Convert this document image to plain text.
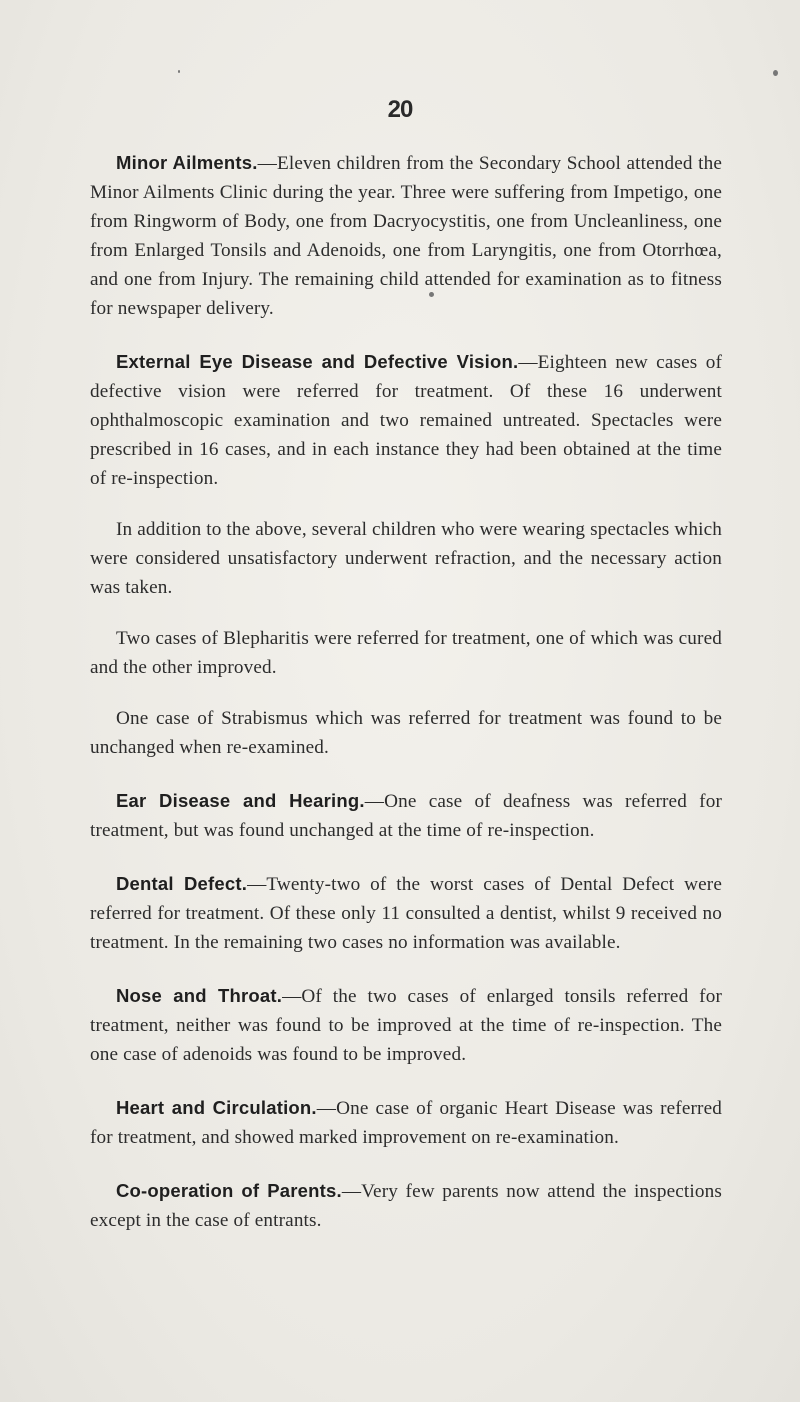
20

Minor Ailments.—Eleven children from the Secondary School attended the Minor Ailments Clinic during the year. Three were suffering from Impetigo, one from Ringworm of Body, one from Dacryocystitis, one from Uncleanliness, one from Enlarged Tonsils and Adenoids, one from Laryngitis, one from Otorrhœa, and one from Injury. The remaining child attended for examination as to fitness for newspaper delivery.

External Eye Disease and Defective Vision.—Eighteen new cases of defective vision were referred for treatment. Of these 16 underwent ophthalmoscopic examination and two remained untreated. Spectacles were prescribed in 16 cases, and in each instance they had been obtained at the time of re-inspection.

In addition to the above, several children who were wearing spectacles which were considered unsatisfactory underwent refraction, and the necessary action was taken.

Two cases of Blepharitis were referred for treatment, one of which was cured and the other improved.

One case of Strabismus which was referred for treatment was found to be unchanged when re-examined.

Ear Disease and Hearing.—One case of deafness was referred for treatment, but was found unchanged at the time of re-inspection.

Dental Defect.—Twenty-two of the worst cases of Dental Defect were referred for treatment. Of these only 11 consulted a dentist, whilst 9 received no treatment. In the remaining two cases no information was available.

Nose and Throat.—Of the two cases of enlarged tonsils referred for treatment, neither was found to be improved at the time of re-inspection. The one case of adenoids was found to be improved.

Heart and Circulation.—One case of organic Heart Disease was referred for treatment, and showed marked improvement on re-examination.

Co-operation of Parents.—Very few parents now attend the inspections except in the case of entrants.
